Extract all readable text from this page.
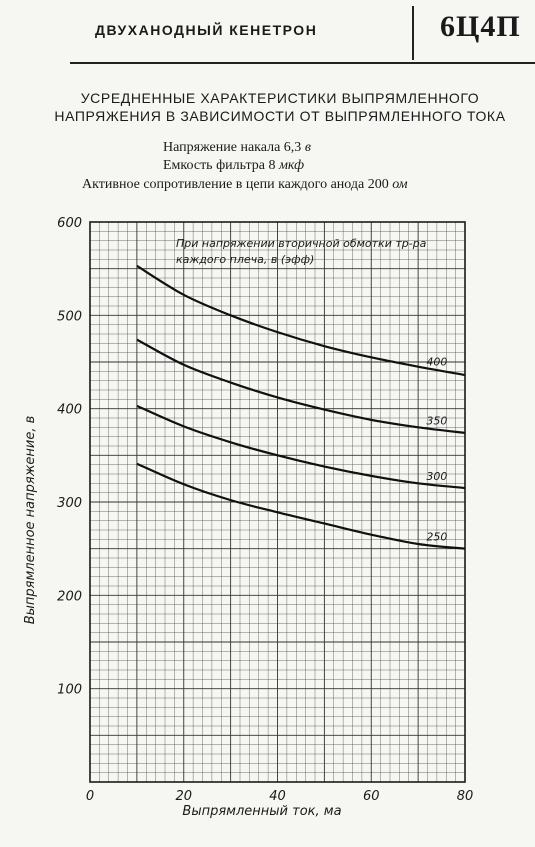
ДВУХАНОДНЫЙ КЕНЕТРОН	6Ц4П
УСРЕДНЕННЫЕ ХАРАКТЕРИСТИКИ ВЫПРЯМЛЕННОГО
НАПРЯЖЕНИЯ В ЗАВИСИМОСТИ ОТ ВЫПРЯМЛЕННОГО ТОКА
Напряжение накала 6,3 в
Емкость фильтра 8 мкф
Активное сопротивление в цепи каждого анода 200 ом
400
350
300
250
0	20	40	60	80
100
200
300
400
500
600
При напряжении вторичной обмотки тр-ра
каждого плеча, в (эфф)
Выпрямленный ток, ма
Выпрямленное напряжение, в
